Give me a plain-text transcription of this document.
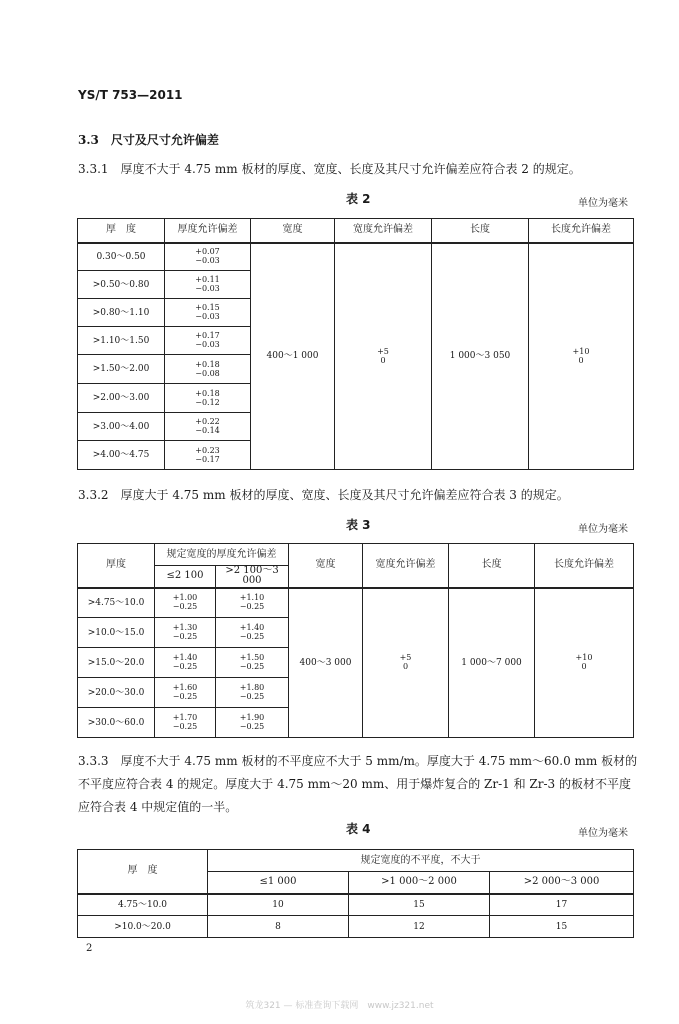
YS/T 753—2011
3.3　尺寸及尺寸允许偏差
3.3.1　厚度不大于 4.75 mm 板材的厚度、宽度、长度及其尺寸允许偏差应符合表 2 的规定。
表 2	单位为毫米
厚　度	厚度允许偏差	宽度	宽度允许偏差	长度	长度允许偏差
0.30～0.50	+0.07
−0.03	400～1 000	+5
0	1 000～3 050	+10
0

>0.50～0.80	+0.11
−0.03				

>0.80～1.10	+0.15
−0.03				

>1.10～1.50	+0.17
−0.03				

>1.50～2.00	+0.18
−0.08				

>2.00～3.00	+0.18
−0.12				

>3.00～4.00	+0.22
−0.14				

>4.00～4.75	+0.23
−0.17				
3.3.2　厚度大于 4.75 mm 板材的厚度、宽度、长度及其尺寸允许偏差应符合表 3 的规定。
表 3	单位为毫米
厚度	规定宽度的厚度允许偏差		宽度	宽度允许偏差	长度	长度允许偏差
	≤2 100	>2 100～3 000				
>4.75～10.0	+1.00
−0.25	+1.10
−0.25	400～3 000	+5
0	1 000～7 000	+10
0

>10.0～15.0	+1.30
−0.25	+1.40
−0.25				

>15.0～20.0	+1.40
−0.25	+1.50
−0.25				

>20.0～30.0	+1.60
−0.25	+1.80
−0.25				

>30.0～60.0	+1.70
−0.25	+1.90
−0.25				
3.3.3　厚度不大于 4.75 mm 板材的不平度应不大于 5 mm/m。厚度大于 4.75 mm～60.0 mm 板材的不平度应符合表 4 的规定。厚度大于 4.75 mm～20 mm、用于爆炸复合的 Zr-1 和 Zr-3 的板材不平度应符合表 4 中规定值的一半。
表 4	单位为毫米
厚　度	规定宽度的不平度，不大于		
	≤1 000	>1 000～2 000	>2 000～3 000
4.75～10.0	10	15	17
>10.0～20.0	8	12	15
2
筑龙321 — 标准查询下载网　www.jz321.net
